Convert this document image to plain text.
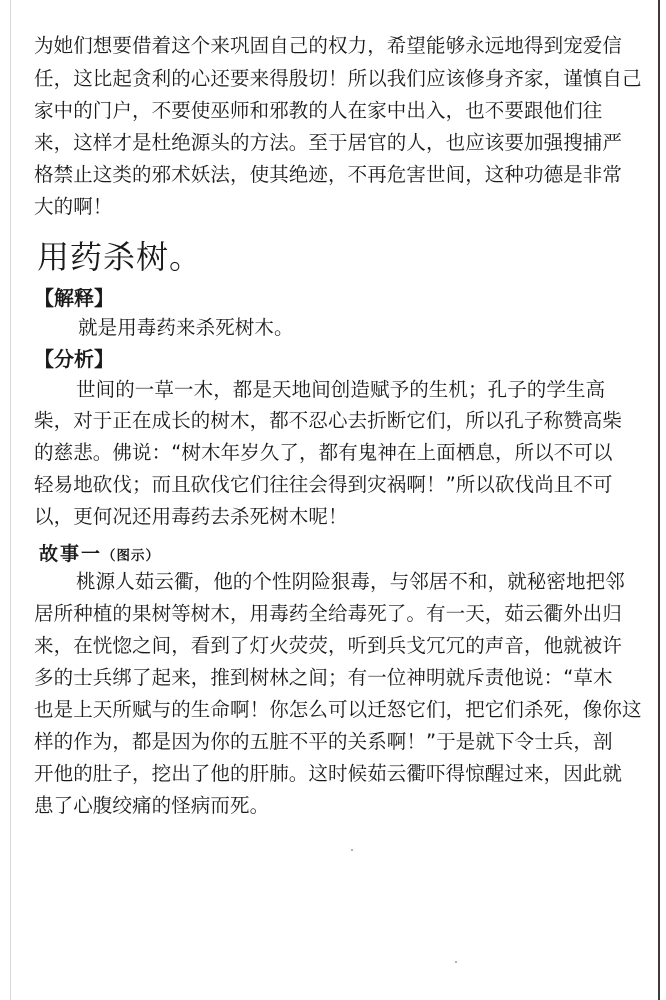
为她们想要借着这个来巩固自己的权力，希望能够永远地得到宠爱信
任，这比起贪利的心还要来得殷切！所以我们应该修身齐家，谨慎自己
家中的门户，不要使巫师和邪教的人在家中出入，也不要跟他们往
来，这样才是杜绝源头的方法。至于居官的人，也应该要加强搜捕严
格禁止这类的邪术妖法，使其绝迹，不再危害世间，这种功德是非常
大的啊！
用药杀树。
【解释】
就是用毒药来杀死树木。
【分析】
世间的一草一木，都是天地间创造赋予的生机；孔子的学生高
柴，对于正在成长的树木，都不忍心去折断它们，所以孔子称赞高柴
的慈悲。佛说：“树木年岁久了，都有鬼神在上面栖息，所以不可以
轻易地砍伐；而且砍伐它们往往会得到灾祸啊！”所以砍伐尚且不可
以，更何况还用毒药去杀死树木呢！
故事一（图示）
桃源人茹云衢，他的个性阴险狠毒，与邻居不和，就秘密地把邻
居所种植的果树等树木，用毒药全给毒死了。有一天，茹云衢外出归
来，在恍惚之间，看到了灯火荧荧，听到兵戈冗冗的声音，他就被许
多的士兵绑了起来，推到树林之间；有一位神明就斥责他说：“草木
也是上天所赋与的生命啊！你怎么可以迁怒它们，把它们杀死，像你这
样的作为，都是因为你的五脏不平的关系啊！”于是就下令士兵，剖
开他的肚子，挖出了他的肝肺。这时候茹云衢吓得惊醒过来，因此就
患了心腹绞痛的怪病而死。
